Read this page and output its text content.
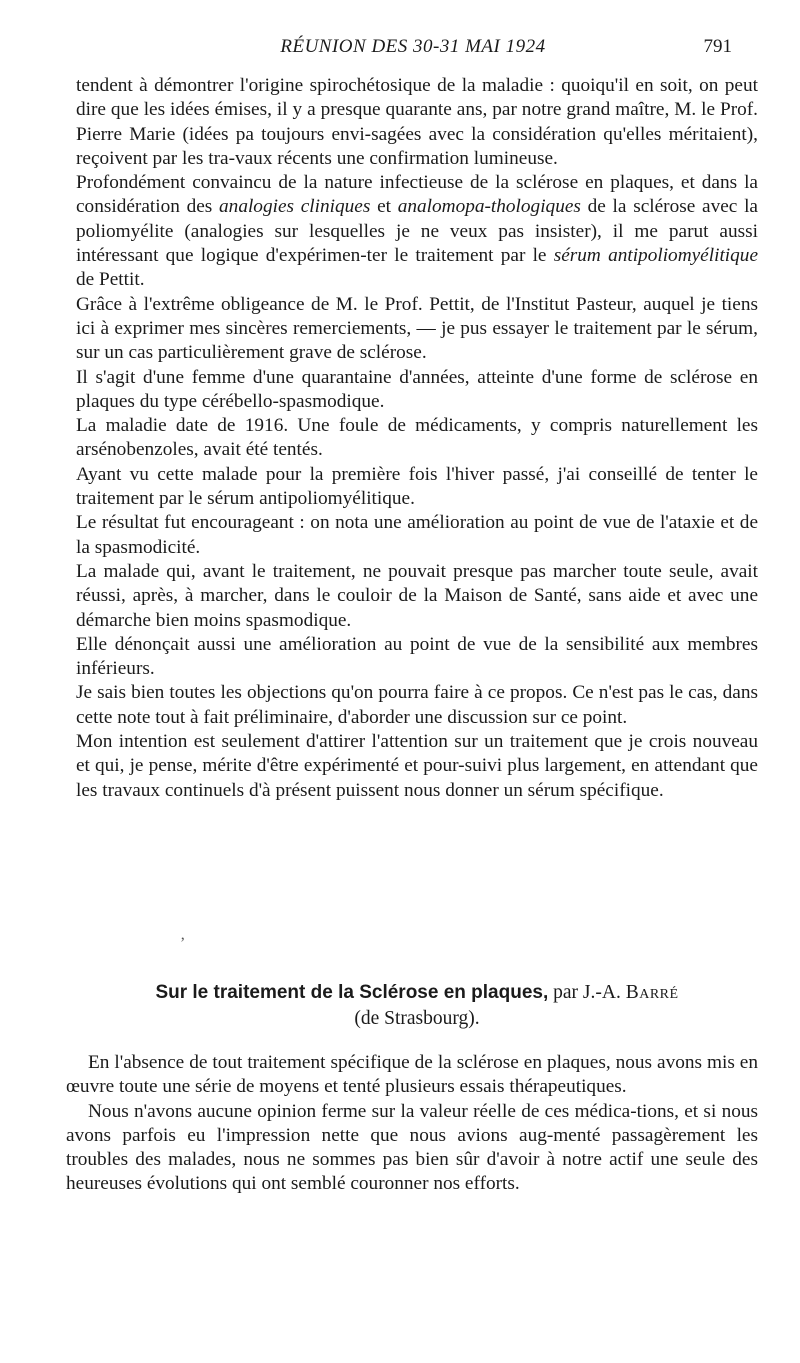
RÉUNION DES 30-31 MAI 1924	791

tendent à démontrer l'origine spirochétosique de la maladie : quoiqu'il en soit, on peut dire que les idées émises, il y a presque quarante ans, par notre grand maître, M. le Prof. Pierre Marie (idées pa toujours envi-sagées avec la considération qu'elles méritaient), reçoivent par les tra-vaux récents une confirmation lumineuse.

Profondément convaincu de la nature infectieuse de la sclérose en plaques, et dans la considération des analogies cliniques et analomopa-thologiques de la sclérose avec la poliomyélite (analogies sur lesquelles je ne veux pas insister), il me parut aussi intéressant que logique d'expérimen-ter le traitement par le sérum antipoliomyélitique de Pettit.

Grâce à l'extrême obligeance de M. le Prof. Pettit, de l'Institut Pasteur, auquel je tiens ici à exprimer mes sincères remerciements, — je pus essayer le traitement par le sérum, sur un cas particulièrement grave de sclérose.

Il s'agit d'une femme d'une quarantaine d'années, atteinte d'une forme de sclérose en plaques du type cérébello-spasmodique.

La maladie date de 1916. Une foule de médicaments, y compris naturellement les arsénobenzoles, avait été tentés.

Ayant vu cette malade pour la première fois l'hiver passé, j'ai conseillé de tenter le traitement par le sérum antipoliomyélitique.

Le résultat fut encourageant : on nota une amélioration au point de vue de l'ataxie et de la spasmodicité.

La malade qui, avant le traitement, ne pouvait presque pas marcher toute seule, avait réussi, après, à marcher, dans le couloir de la Maison de Santé, sans aide et avec une démarche bien moins spasmodique.

Elle dénonçait aussi une amélioration au point de vue de la sensibilité aux membres inférieurs.

Je sais bien toutes les objections qu'on pourra faire à ce propos. Ce n'est pas le cas, dans cette note tout à fait préliminaire, d'aborder une discussion sur ce point.

Mon intention est seulement d'attirer l'attention sur un traitement que je crois nouveau et qui, je pense, mérite d'être expérimenté et pour-suivi plus largement, en attendant que les travaux continuels d'à présent puissent nous donner un sérum spécifique.

‚
Sur le traitement de la Sclérose en plaques, par J.-A. Barré
(de Strasbourg).

En l'absence de tout traitement spécifique de la sclérose en plaques, nous avons mis en œuvre toute une série de moyens et tenté plusieurs essais thérapeutiques.

Nous n'avons aucune opinion ferme sur la valeur réelle de ces médica-tions, et si nous avons parfois eu l'impression nette que nous avions aug-menté passagèrement les troubles des malades, nous ne sommes pas bien sûr d'avoir à notre actif une seule des heureuses évolutions qui ont semblé couronner nos efforts.
